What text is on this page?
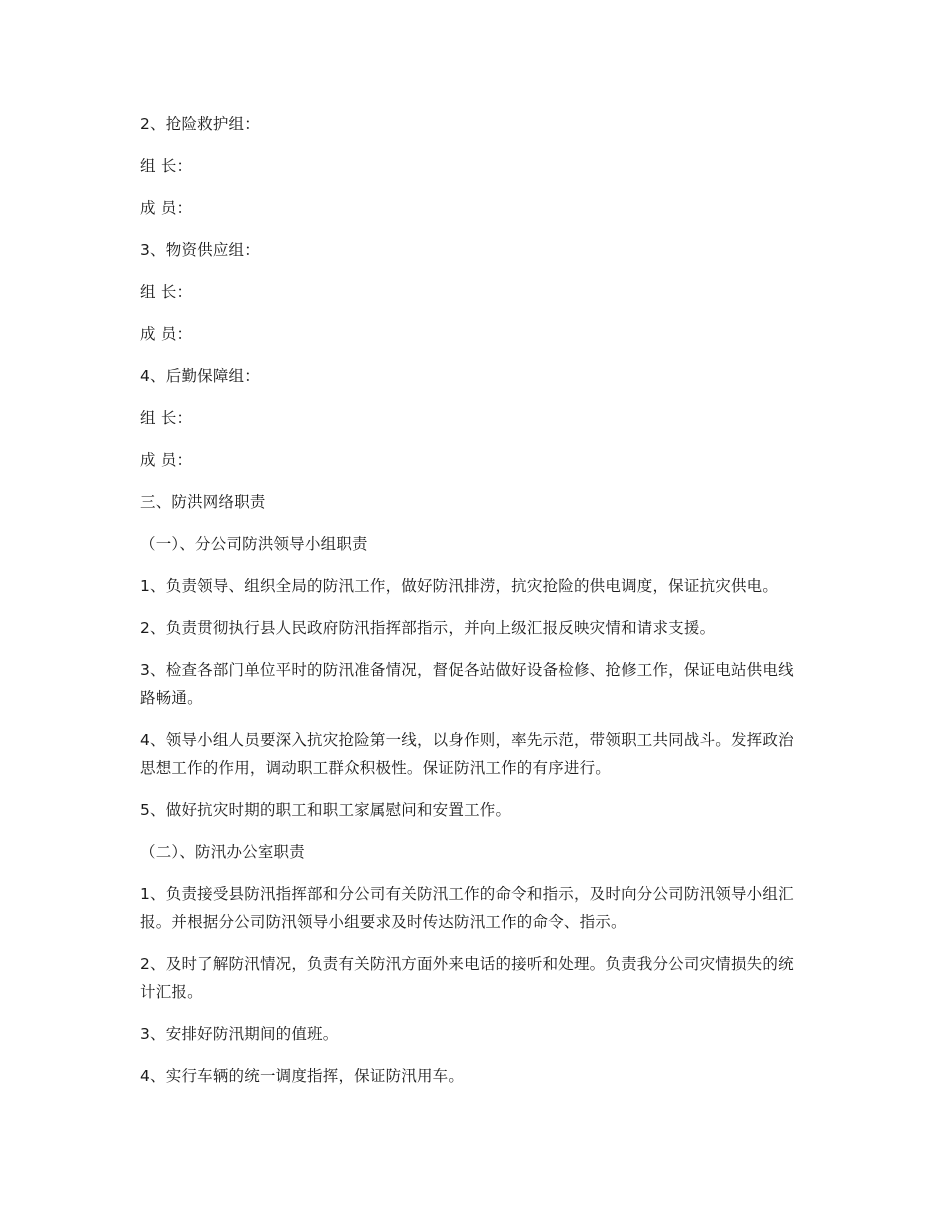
2、抢险救护组：

组 长：

成 员：

3、物资供应组：

组 长：

成 员：

4、后勤保障组：

组 长：

成 员：

三、防洪网络职责

（一）、分公司防洪领导小组职责

1、负责领导、组织全局的防汛工作，做好防汛排涝，抗灾抢险的供电调度，保证抗灾供电。

2、负责贯彻执行县人民政府防汛指挥部指示，并向上级汇报反映灾情和请求支援。

3、检查各部门单位平时的防汛准备情况，督促各站做好设备检修、抢修工作，保证电站供电线路畅通。

4、领导小组人员要深入抗灾抢险第一线，以身作则，率先示范，带领职工共同战斗。发挥政治思想工作的作用，调动职工群众积极性。保证防汛工作的有序进行。

5、做好抗灾时期的职工和职工家属慰问和安置工作。

（二）、防汛办公室职责

1、负责接受县防汛指挥部和分公司有关防汛工作的命令和指示，及时向分公司防汛领导小组汇报。并根据分公司防汛领导小组要求及时传达防汛工作的命令、指示。

2、及时了解防汛情况，负责有关防汛方面外来电话的接听和处理。负责我分公司灾情损失的统计汇报。

3、安排好防汛期间的值班。

4、实行车辆的统一调度指挥，保证防汛用车。
